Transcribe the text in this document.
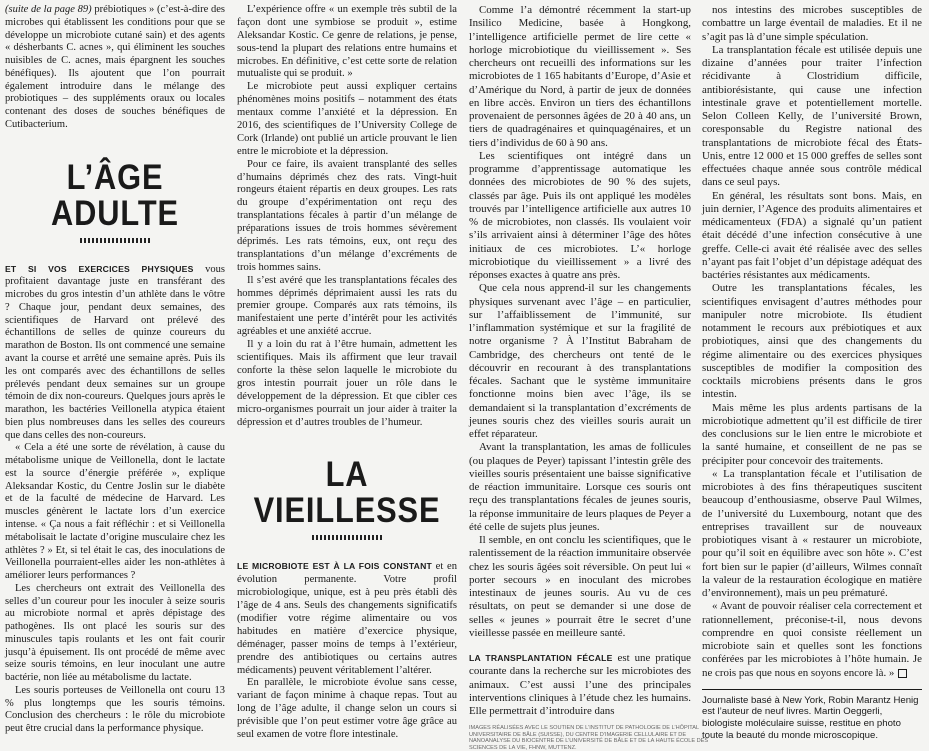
(suite de la page 89) prébiotiques » (c’est-à-dire des microbes qui établissent les conditions pour que se développe un microbiote cutané sain) et des agents « désherbants C. acnes », qui éliminent les souches nuisibles de C. acnes, mais épargnent les souches bénéfiques). Ils ajoutent que l’on pourrait également introduire dans le mélange des probiotiques – des suppléments oraux ou locales contenant des doses de souches bénéfiques de Cutibacterium.

L’ÂGE ADULTE

ET SI VOS EXERCICES PHYSIQUES vous profitaient davantage juste en transférant des microbes du gros intestin d’un athlète dans le vôtre ? Chaque jour, pendant deux semaines, des scientifiques de Harvard ont prélevé des échantillons de selles de quinze coureurs du marathon de Boston. Ils ont commencé une semaine avant la course et arrêté une semaine après. Puis ils les ont comparés avec des échantillons de selles prélevés pendant deux semaines sur un groupe témoin de dix non-coureurs. Quelques jours après le marathon, les bactéries Veillonella atypica étaient bien plus nombreuses dans les selles des coureurs que dans celles des non-coureurs.

« Cela a été une sorte de révélation, à cause du métabolisme unique de Veillonella, dont le lactate est la source d’énergie préférée », explique Aleksandar Kostic, du Centre Joslin sur le diabète et de la faculté de médecine de Harvard. Les muscles génèrent le lactate lors d’un exercice intense. « Ça nous a fait réfléchir : et si Veillonella métabolisait le lactate d’origine musculaire chez les athlètes ? » Et, si tel était le cas, des inoculations de Veillonella pourraient-elles aider les non-athlètes à améliorer leurs performances ?

Les chercheurs ont extrait des Veillonella des selles d’un coureur pour les inoculer à seize souris au microbiote normal et après dépistage des pathogènes. Ils ont placé les souris sur des minuscules tapis roulants et les ont fait courir jusqu’à épuisement. Ils ont procédé de même avec seize souris témoins, en leur inoculant une autre bactérie, non liée au métabolisme du lactate.

Les souris porteuses de Veillonella ont couru 13 % plus longtemps que les souris témoins. Conclusion des chercheurs : le rôle du microbiote peut être crucial dans la performance physique.

L’expérience offre « un exemple très subtil de la façon dont une symbiose se produit », estime Aleksandar Kostic. Ce genre de relations, je pense, sous-tend la plupart des relations entre humains et microbes. En définitive, c’est cette sorte de relation mutualiste qui se produit. »

Le microbiote peut aussi expliquer certains phénomènes moins positifs – notamment des états mentaux comme l’anxiété et la dépression. En 2016, des scientifiques de l’University College de Cork (Irlande) ont publié un article prouvant le lien entre le microbiote et la dépression.

Pour ce faire, ils avaient transplanté des selles d’humains déprimés chez des rats. Vingt-huit rongeurs étaient répartis en deux groupes. Les rats du groupe d’expérimentation ont reçu des transplantations fécales à partir d’un mélange de préparations issues de trois hommes sévèrement déprimés. Les rats témoins, eux, ont reçu des transplantations d’un mélange d’excréments de trois hommes sains.

Il s’est avéré que les transplantations fécales des hommes déprimés déprimaient aussi les rats du premier groupe. Comparés aux rats témoins, ils manifestaient une perte d’intérêt pour les activités agréables et une anxiété accrue.

Il y a loin du rat à l’être humain, admettent les scientifiques. Mais ils affirment que leur travail conforte la thèse selon laquelle le microbiote du gros intestin pourrait jouer un rôle dans le développement de la dépression. Et que cibler ces micro-organismes pourrait un jour aider à traiter la dépression et d’autres troubles de l’humeur.

LA VIEILLESSE

LE MICROBIOTE EST À LA FOIS CONSTANT et en évolution permanente. Votre profil microbiologique, unique, est à peu près établi dès l’âge de 4 ans. Seuls des changements significatifs (modifier votre régime alimentaire ou vos habitudes en matière d’exercice physique, déménager, passer moins de temps à l’extérieur, prendre des antibiotiques ou certains autres médicaments) peuvent véritablement l’altérer.

En parallèle, le microbiote évolue sans cesse, variant de façon minime à chaque repas. Tout au long de l’âge adulte, il change selon un cours si prévisible que l’on peut estimer votre âge grâce au seul examen de votre flore intestinale.

Comme l’a démontré récemment la start-up Insilico Medicine, basée à Hongkong, l’intelligence artificielle permet de lire cette « horloge microbiotique du vieillissement ». Ses chercheurs ont recueilli des informations sur les microbiotes de 1 165 habitants d’Europe, d’Asie et d’Amérique du Nord, à partir de jeux de données en libre accès. Environ un tiers des échantillons provenaient de personnes âgées de 20 à 40 ans, un tiers de quadragénaires et quinquagénaires, et un tiers d’individus de 60 à 90 ans.

Les scientifiques ont intégré dans un programme d’apprentissage automatique les données des microbiotes de 90 % des sujets, classés par âge. Puis ils ont appliqué les modèles trouvés par l’intelligence artificielle aux autres 10 % de microbiotes, non classés. Ils voulaient voir s’ils arrivaient ainsi à déterminer l’âge des hôtes initiaux de ces microbiotes. L’« horloge microbiotique du vieillissement » a livré des réponses exactes à quatre ans près.

Que cela nous apprend-il sur les changements physiques survenant avec l’âge – en particulier, sur l’affaiblissement de l’immunité, sur l’inflammation systémique et sur la fragilité de notre organisme ? À l’Institut Babraham de Cambridge, des chercheurs ont tenté de le découvrir en recourant à des transplantations fécales. Sachant que le système immunitaire fonctionne moins bien avec l’âge, ils se demandaient si la transplantation d’excréments de jeunes souris chez des vieilles souris aurait un effet réparateur.

Avant la transplantation, les amas de follicules (ou plaques de Peyer) tapissant l’intestin grêle des vieilles souris présentaient une baisse significative de réaction immunitaire. Lorsque ces souris ont reçu des transplantations fécales de jeunes souris, la réponse immunitaire de leurs plaques de Peyer a été celle de sujets plus jeunes.

Il semble, en ont conclu les scientifiques, que le ralentissement de la réaction immunitaire observée chez les souris âgées soit réversible. On peut lui « porter secours » en inoculant des microbes intestinaux de jeunes souris. Au vu de ces résultats, on peut se demander si une dose de selles « jeunes » pourrait être le secret d’une vieillesse passée en meilleure santé.

LA TRANSPLANTATION FÉCALE est une pratique courante dans la recherche sur les microbiotes des animaux. C’est aussi l’une des principales interventions cliniques à l’étude chez les humains. Elle permettrait d’introduire dans

nos intestins des microbes susceptibles de combattre un large éventail de maladies. Et il ne s’agit pas là d’une simple spéculation.

La transplantation fécale est utilisée depuis une dizaine d’années pour traiter l’infection récidivante à Clostridium difficile, antibiorésistante, qui cause une infection intestinale grave et potentiellement mortelle. Selon Colleen Kelly, de l’université Brown, coresponsable du Registre national des transplantations de microbiote fécal des États-Unis, entre 12 000 et 15 000 greffes de selles sont effectuées chaque année sous contrôle médical dans ce seul pays.

En général, les résultats sont bons. Mais, en juin dernier, l’Agence des produits alimentaires et médicamenteux (FDA) a signalé qu’un patient était décédé d’une infection consécutive à une greffe. Celle-ci avait été réalisée avec des selles n’ayant pas fait l’objet d’un dépistage adéquat des bactéries résistantes aux médicaments.

Outre les transplantations fécales, les scientifiques envisagent d’autres méthodes pour manipuler notre microbiote. Ils étudient notamment le recours aux prébiotiques et aux probiotiques, ainsi que des changements du régime alimentaire ou des exercices physiques susceptibles de modifier la composition des cocktails microbiens présents dans le gros intestin.

Mais même les plus ardents partisans de la microbiotique admettent qu’il est difficile de tirer des conclusions sur le lien entre le microbiote et la santé humaine, et conseillent de ne pas se précipiter pour concevoir des traitements.

« La transplantation fécale et l’utilisation de microbiotes à des fins thérapeutiques suscitent beaucoup d’enthousiasme, observe Paul Wilmes, de l’université du Luxembourg, notant que des entreprises travaillent sur de nouveaux probiotiques visant à « restaurer un microbiote, pour qu’il soit en équilibre avec son hôte ». C’est fort bien sur le papier (d’ailleurs, Wilmes connaît la valeur de la restauration écologique en matière d’environnement), mais un peu prématuré.

« Avant de pouvoir réaliser cela correctement et rationnellement, préconise-t-il, nous devons comprendre en quoi consiste réellement un microbiote sain et quelles sont les fonctions conférées par les microbiotes à l’hôte humain. Je ne crois pas que nous en soyons encore là. »

Journaliste basé à New York, Robin Marantz Henig est l’auteur de neuf livres. Martin Oeggerli, biologiste moléculaire suisse, restitue en photo toute la beauté du monde microscopique.
IMAGES RÉALISÉES AVEC LE SOUTIEN DE L’INSTITUT DE PATHOLOGIE DE L’HÔPITAL UNIVERSITAIRE DE BÂLE (SUISSE), DU CENTRE D’IMAGERIE CELLULAIRE ET DE NANOANALYSE DU BIOCENTRE DE L’UNIVERSITÉ DE BÂLE ET DE LA HAUTE ÉCOLE DES SCIENCES DE LA VIE, FHNW, MUTTENZ.
